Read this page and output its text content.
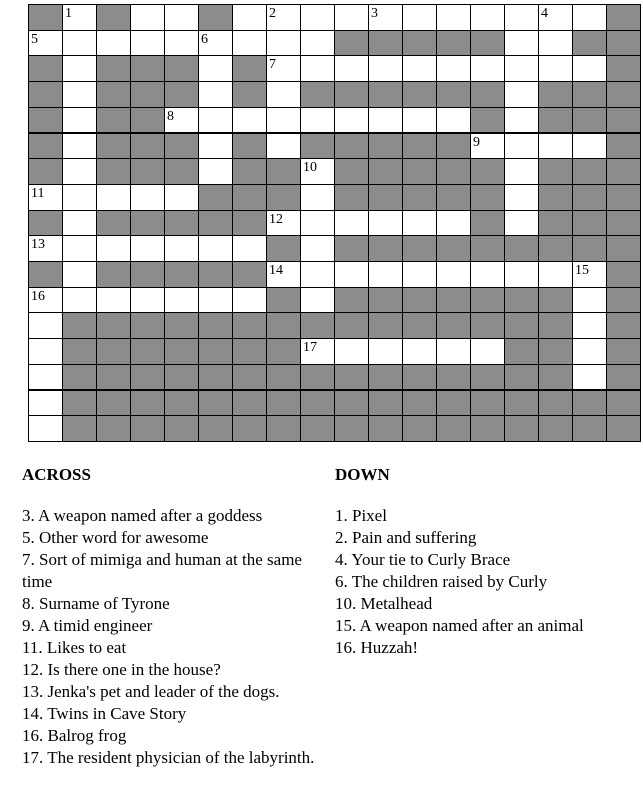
1	2	3	4
5	6
7
8
9
10
11
12
13
14	15
16
17
ACROSS	DOWN

3. A weapon named after a goddess

5. Other word for awesome

7. Sort of mimiga and human at the same time

8. Surname of Tyrone

9. A timid engineer

11. Likes to eat

12. Is there one in the house?

13. Jenka's pet and leader of the dogs.

14. Twins in Cave Story

16. Balrog frog

17. The resident physician of the labyrinth.

1. Pixel

2. Pain and suffering

4. Your tie to Curly Brace

6. The children raised by Curly

10. Metalhead

15. A weapon named after an animal

16. Huzzah!
